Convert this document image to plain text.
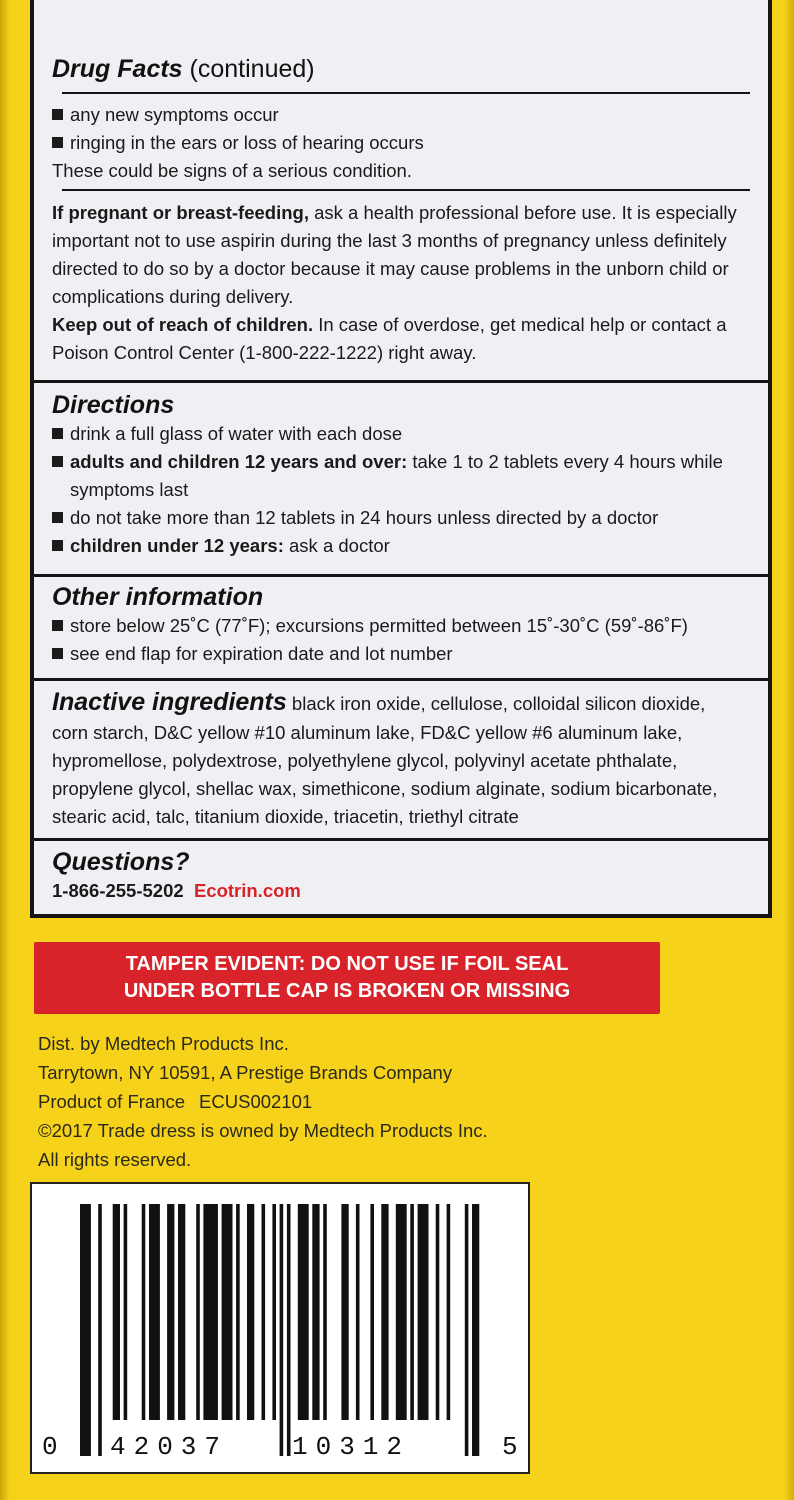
Drug Facts (continued)
any new symptoms occur
ringing in the ears or loss of hearing occurs
These could be signs of a serious condition.
If pregnant or breast-feeding, ask a health professional before use. It is especially
important not to use aspirin during the last 3 months of pregnancy unless definitely
directed to do so by a doctor because it may cause problems in the unborn child or
complications during delivery.
Keep out of reach of children. In case of overdose, get medical help or contact a
Poison Control Center (1-800-222-1222) right away.
Directions
drink a full glass of water with each dose
adults and children 12 years and over: take 1 to 2 tablets every 4 hours while
symptoms last
do not take more than 12 tablets in 24 hours unless directed by a doctor
children under 12 years: ask a doctor
Other information
store below 25˚C (77˚F); excursions permitted between 15˚-30˚C (59˚-86˚F)
see end flap for expiration date and lot number
Inactive ingredients black iron oxide, cellulose, colloidal silicon dioxide,
corn starch, D&C yellow #10 aluminum lake, FD&C yellow #6 aluminum lake,
hypromellose, polydextrose, polyethylene glycol, polyvinyl acetate phthalate,
propylene glycol, shellac wax, simethicone, sodium alginate, sodium bicarbonate,
stearic acid, talc, titanium dioxide, triacetin, triethyl citrate
Questions?
1-866-255-5202 Ecotrin.com
TAMPER EVIDENT: DO NOT USE IF FOIL SEAL
UNDER BOTTLE CAP IS BROKEN OR MISSING
Dist. by Medtech Products Inc.
Tarrytown, NY 10591, A Prestige Brands Company
Product of France ECUS002101
©2017 Trade dress is owned by Medtech Products Inc.
All rights reserved.
0 42037 10312	5
